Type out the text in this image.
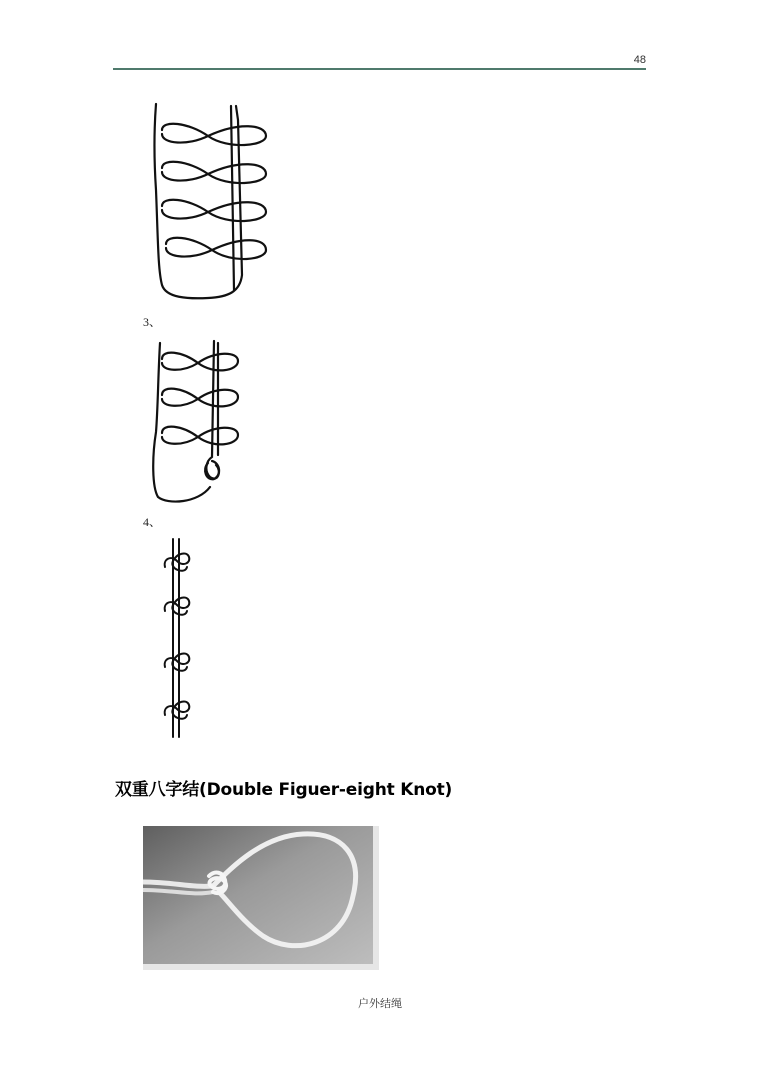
48
3、
4、
双重八字结(Double Figuer-eight Knot)
户外结绳
